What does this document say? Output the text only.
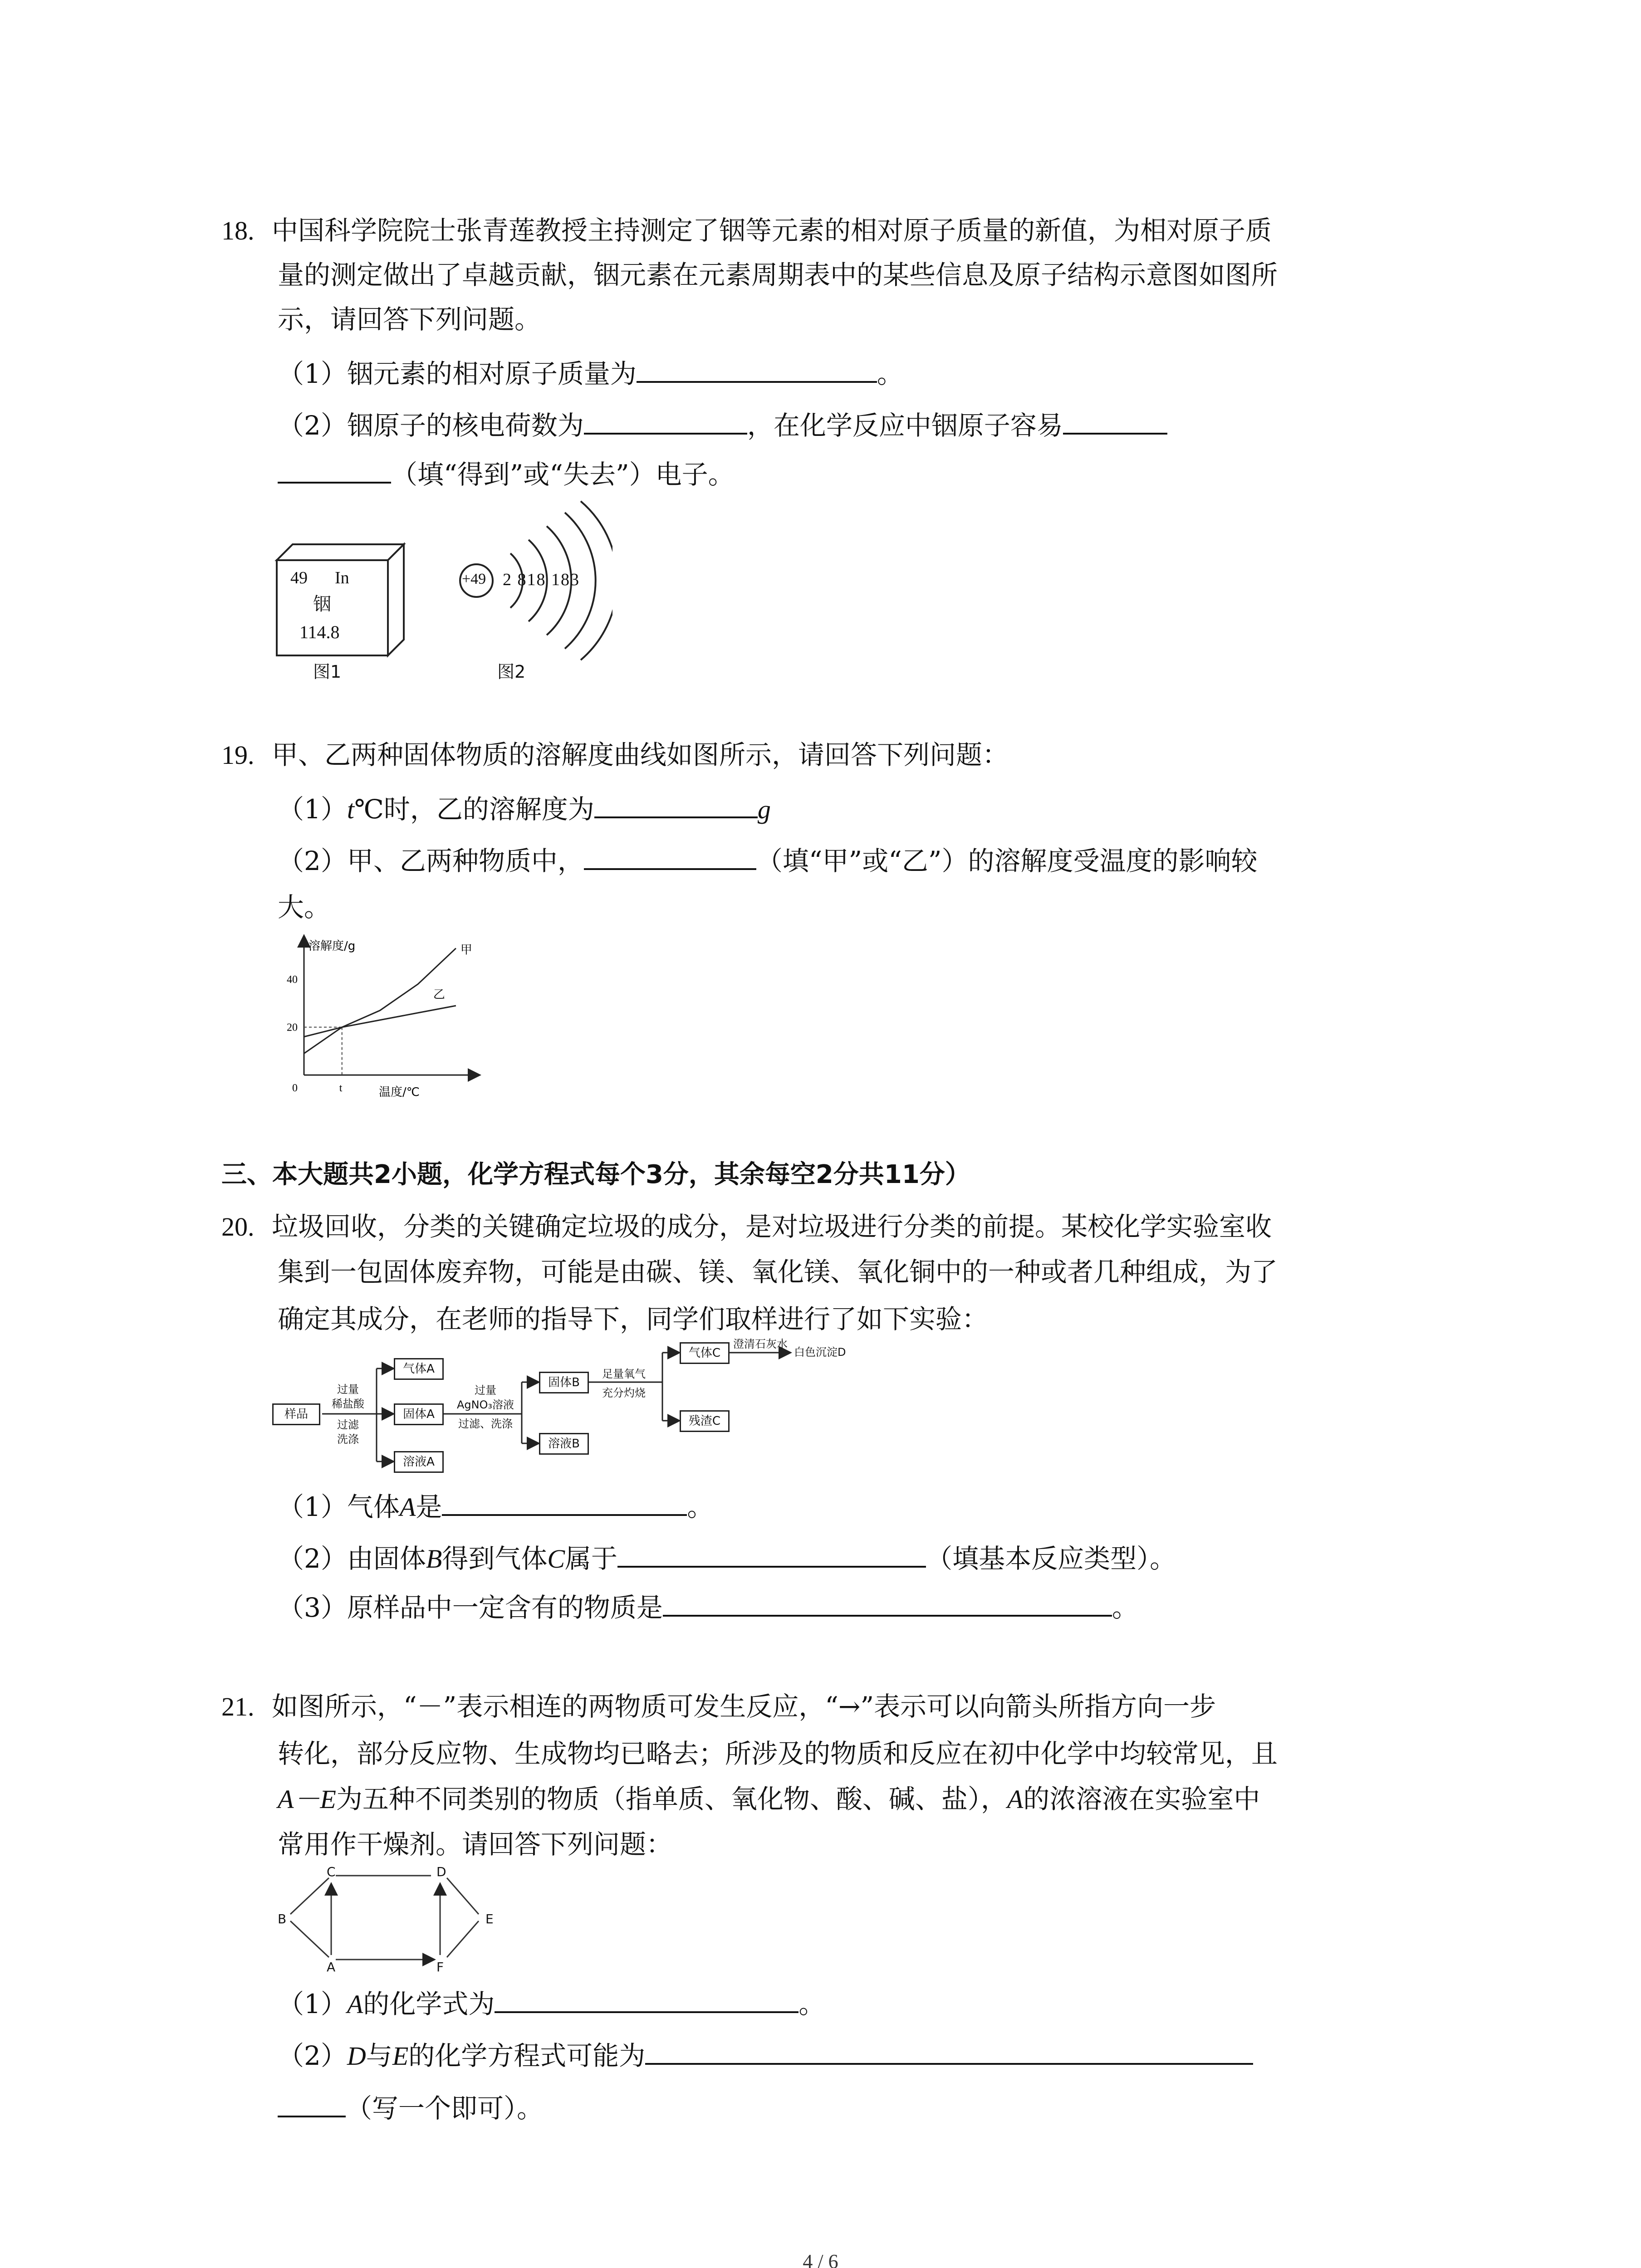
18. 中国科学院院士张青莲教授主持测定了铟等元素的相对原子质量的新值，为相对原子质
量的测定做出了卓越贡献，铟元素在元素周期表中的某些信息及原子结构示意图如图所
示，请回答下列问题。
（1）铟元素的相对原子质量为	。
（2）铟原子的核电荷数为	，在化学反应中铟原子容易
（填“得到”或“失去”）电子。
49 In
铟
114.8
图1
+49 2 818 183
图2
19. 甲、乙两种固体物质的溶解度曲线如图所示，请回答下列问题：
（1）t℃时，乙的溶解度为	g
（2）甲、乙两种物质中，	（填“甲”或“乙”）的溶解度受温度的影响较
大。
溶解度/g
温度/℃
40
20
0	t
甲
乙
三、本大题共2小题，化学方程式每个3分，其余每空2分共11分）
20. 垃圾回收，分类的关键确定垃圾的成分，是对垃圾进行分类的前提。某校化学实验室收
集到一包固体废弃物，可能是由碳、镁、氧化镁、氧化铜中的一种或者几种组成，为了
确定其成分，在老师的指导下，同学们取样进行了如下实验：
样品
过量
稀盐酸
过滤
洗涤
气体A
固体A
溶液A
过量
AgNO₃溶液
过滤、洗涤
固体B
溶液B
足量氧气
充分灼烧
气体C
残渣C
澄清石灰水
白色沉淀D
（1）气体A是	。
（2）由固体B得到气体C属于	（填基本反应类型）。
（3）原样品中一定含有的物质是	。
21. 如图所示，“－”表示相连的两物质可发生反应，“→”表示可以向箭头所指方向一步
转化，部分反应物、生成物均已略去；所涉及的物质和反应在初中化学中均较常见，且
A－E为五种不同类别的物质（指单质、氧化物、酸、碱、盐），A的浓溶液在实验室中
常用作干燥剂。请回答下列问题：
C	D
B	E
A	F
（1）A的化学式为	。
（2）D与E的化学方程式可能为
（写一个即可）。
4 / 6
